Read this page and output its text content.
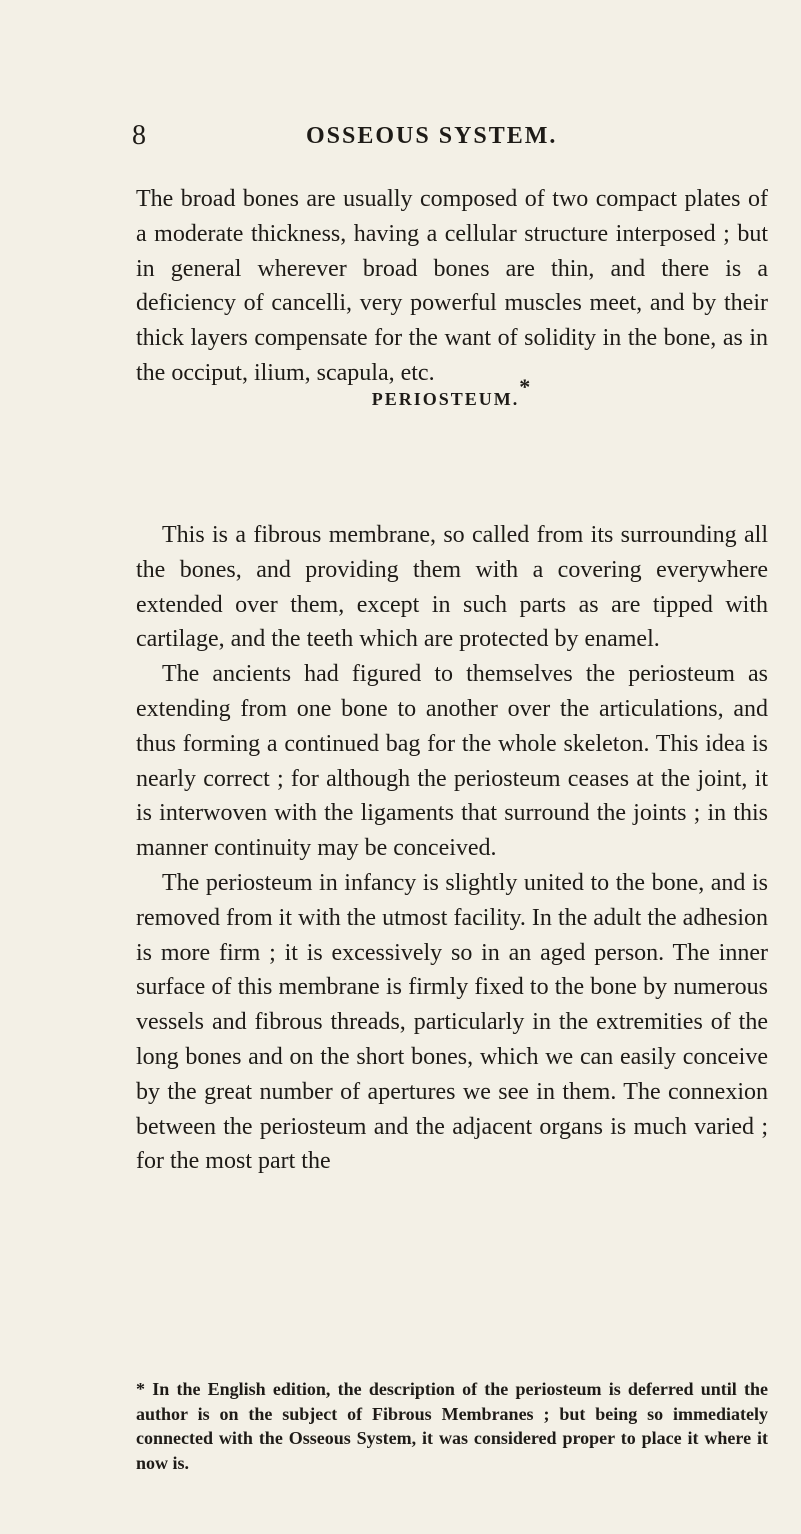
8	OSSEOUS SYSTEM.

The broad bones are usually composed of two compact plates of a moderate thickness, having a cellular structure interposed ; but in general wherever broad bones are thin, and there is a deficiency of cancelli, very powerful muscles meet, and by their thick layers compensate for the want of solidity in the bone, as in the occiput, ilium, scapula, etc.

PERIOSTEUM.*

This is a fibrous membrane, so called from its surrounding all the bones, and providing them with a covering everywhere extended over them, except in such parts as are tipped with cartilage, and the teeth which are protected by enamel.

The ancients had figured to themselves the periosteum as extending from one bone to another over the articulations, and thus forming a continued bag for the whole skeleton. This idea is nearly correct ; for although the periosteum ceases at the joint, it is interwoven with the ligaments that surround the joints ; in this manner continuity may be conceived.

The periosteum in infancy is slightly united to the bone, and is removed from it with the utmost facility. In the adult the adhesion is more firm ; it is excessively so in an aged person. The inner surface of this membrane is firmly fixed to the bone by numerous vessels and fibrous threads, particularly in the extremities of the long bones and on the short bones, which we can easily conceive by the great number of apertures we see in them. The connexion between the periosteum and the adjacent organs is much varied ; for the most part the

* In the English edition, the description of the periosteum is deferred until the author is on the subject of Fibrous Membranes ; but being so immediately connected with the Osseous System, it was considered proper to place it where it now is.
